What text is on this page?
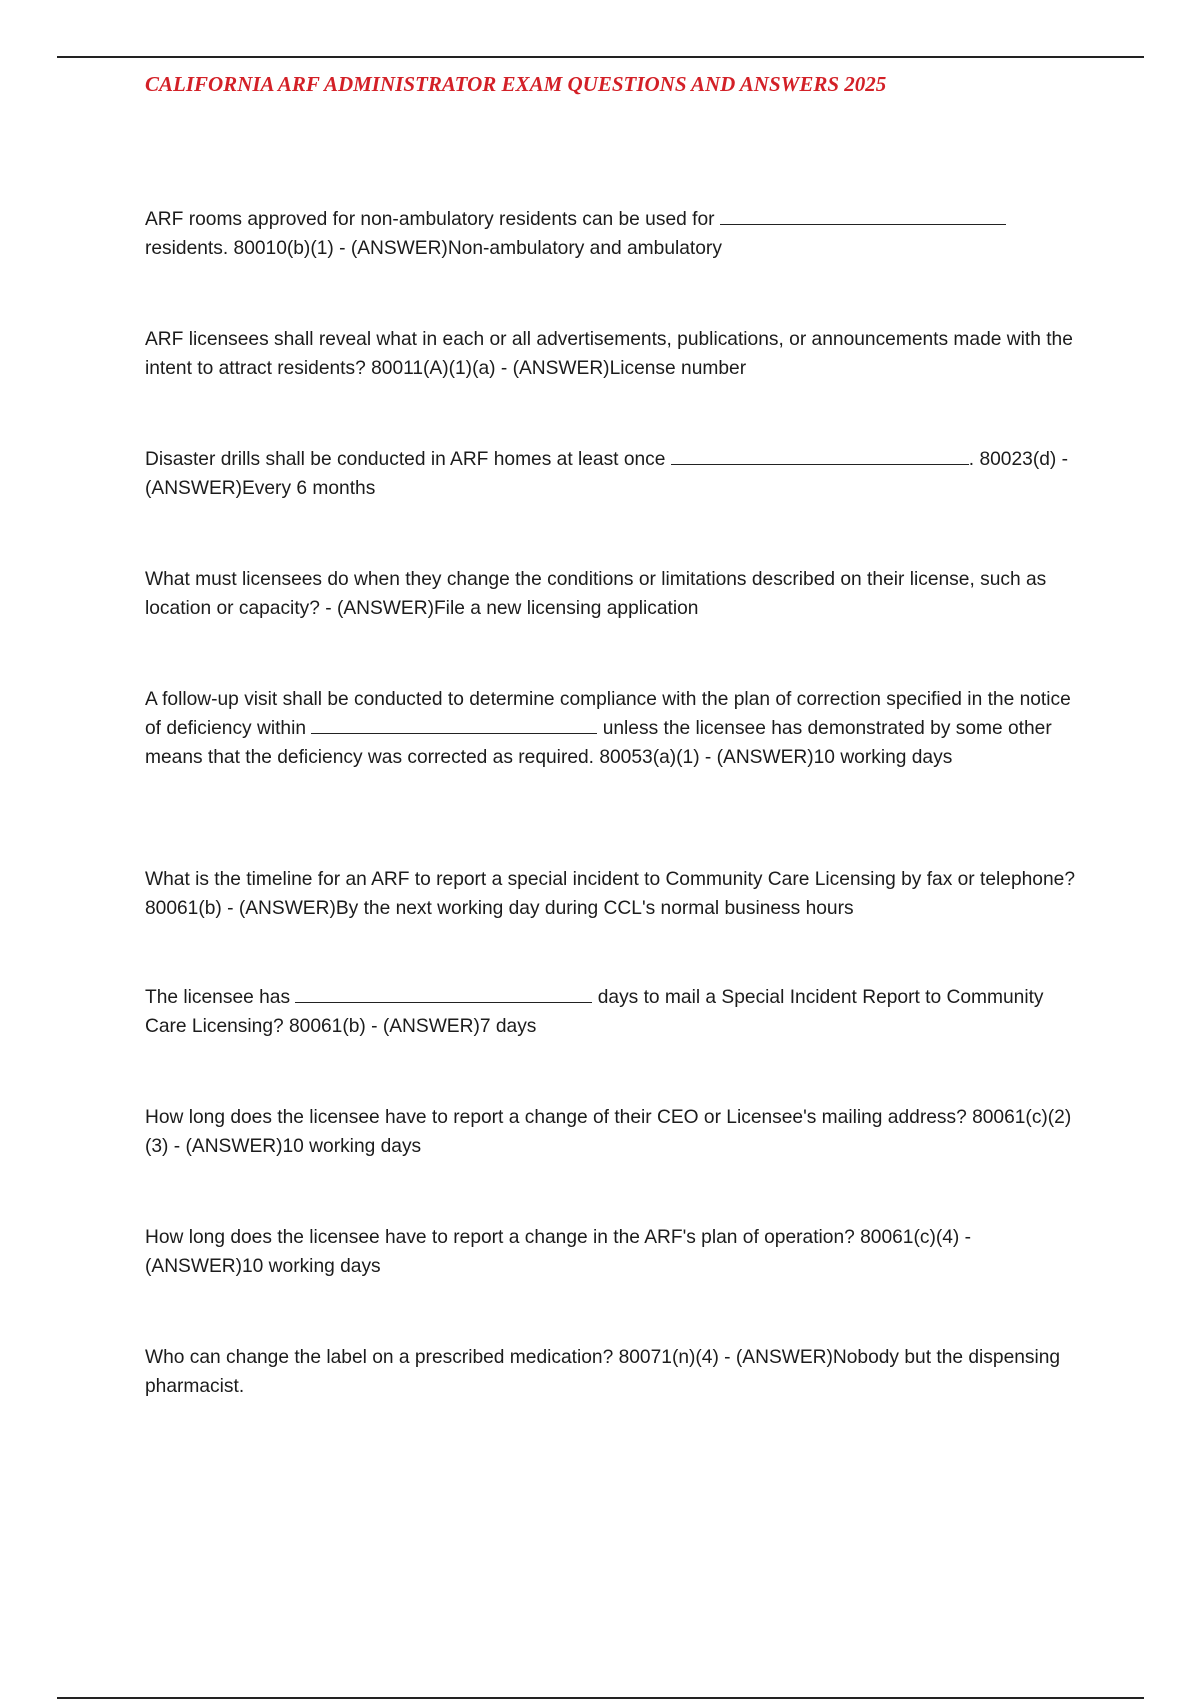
CALIFORNIA ARF ADMINISTRATOR EXAM QUESTIONS AND ANSWERS 2025

ARF rooms approved for non-ambulatory residents can be used for  residents. 80010(b)(1) - (ANSWER)Non-ambulatory and ambulatory

ARF licensees shall reveal what in each or all advertisements, publications, or announcements made with the intent to attract residents? 80011(A)(1)(a) - (ANSWER)License number

Disaster drills shall be conducted in ARF homes at least once	. 80023(d) - (ANSWER)Every 6 months

What must licensees do when they change the conditions or limitations described on their license, such as location or capacity? - (ANSWER)File a new licensing application

A follow-up visit shall be conducted to determine compliance with the plan of correction specified in the notice of deficiency within	unless the licensee has demonstrated by some other means that the deficiency was corrected as required. 80053(a)(1) - (ANSWER)10 working days

What is the timeline for an ARF to report a special incident to Community Care Licensing by fax or telephone? 80061(b) - (ANSWER)By the next working day during CCL's normal business hours

The licensee has	days to mail a Special Incident Report to Community Care Licensing? 80061(b) - (ANSWER)7 days

How long does the licensee have to report a change of their CEO or Licensee's mailing address? 80061(c)(2)(3) - (ANSWER)10 working days

How long does the licensee have to report a change in the ARF's plan of operation? 80061(c)(4) - (ANSWER)10 working days

Who can change the label on a prescribed medication? 80071(n)(4) - (ANSWER)Nobody but the dispensing pharmacist.
